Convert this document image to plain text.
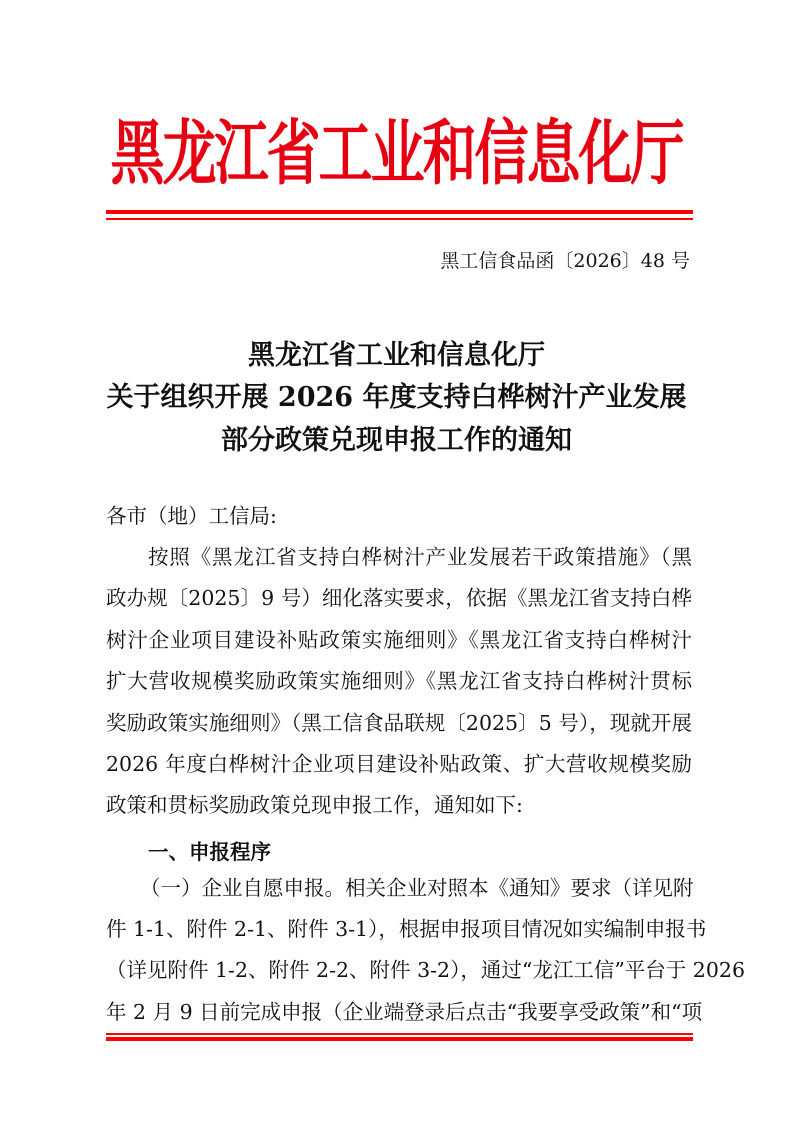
黑龙江省工业和信息化厅
黑工信食品函〔2026〕48 号
黑龙江省工业和信息化厅
关于组织开展 2026 年度支持白桦树汁产业发展
部分政策兑现申报工作的通知
各市（地）工信局:
按照《黑龙江省支持白桦树汁产业发展若干政策措施》（黑
政办规〔2025〕9 号）细化落实要求，依据《黑龙江省支持白桦
树汁企业项目建设补贴政策实施细则》《黑龙江省支持白桦树汁
扩大营收规模奖励政策实施细则》《黑龙江省支持白桦树汁贯标
奖励政策实施细则》（黑工信食品联规〔2025〕5 号），现就开展
2026 年度白桦树汁企业项目建设补贴政策、扩大营收规模奖励
政策和贯标奖励政策兑现申报工作，通知如下:
一、申报程序
（一）企业自愿申报。相关企业对照本《通知》要求（详见附
件 1-1、附件 2-1、附件 3-1），根据申报项目情况如实编制申报书
（详见附件 1-2、附件 2-2、附件 3-2），通过“龙江工信”平台于 2026
年 2 月 9 日前完成申报（企业端登录后点击“我要享受政策”和“项
